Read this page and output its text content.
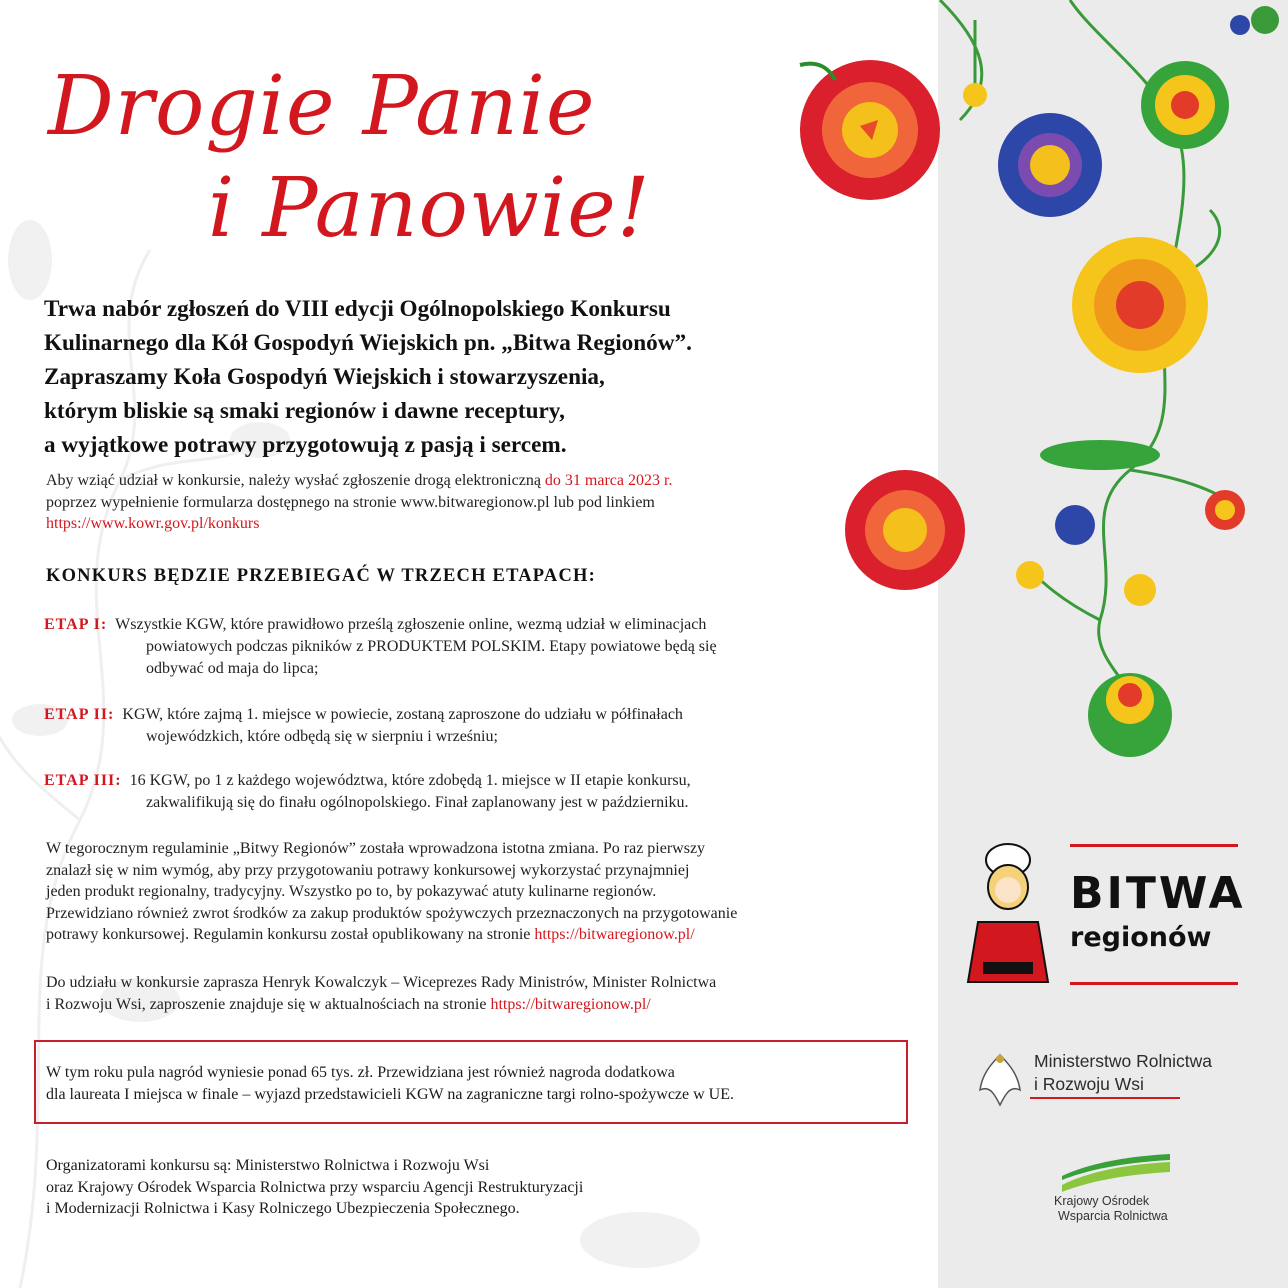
Drogie Panie
i Panowie!
Trwa nabór zgłoszeń do VIII edycji Ogólnopolskiego Konkursu
Kulinarnego dla Kół Gospodyń Wiejskich pn. „Bitwa Regionów”.
Zapraszamy Koła Gospodyń Wiejskich i stowarzyszenia,
którym bliskie są smaki regionów i dawne receptury,
a wyjątkowe potrawy przygotowują z pasją i sercem.
Aby wziąć udział w konkursie, należy wysłać zgłoszenie drogą elektroniczną do 31 marca 2023 r.
poprzez wypełnienie formularza dostępnego na stronie www.bitwaregionow.pl lub pod linkiem
https://www.kowr.gov.pl/konkurs
KONKURS BĘDZIE PRZEBIEGAĆ W TRZECH ETAPACH:
ETAP I: Wszystkie KGW, które prawidłowo prześlą zgłoszenie online, wezmą udział w eliminacjach
powiatowych podczas pikników z PRODUKTEM POLSKIM. Etapy powiatowe będą się
odbywać od maja do lipca;
ETAP II: KGW, które zajmą 1. miejsce w powiecie, zostaną zaproszone do udziału w półfinałach
wojewódzkich, które odbędą się w sierpniu i wrześniu;
ETAP III: 16 KGW, po 1 z każdego województwa, które zdobędą 1. miejsce w II etapie konkursu,
zakwalifikują się do finału ogólnopolskiego. Finał zaplanowany jest w październiku.
W tegorocznym regulaminie „Bitwy Regionów” została wprowadzona istotna zmiana. Po raz pierwszy
znalazł się w nim wymóg, aby przy przygotowaniu potrawy konkursowej wykorzystać przynajmniej
jeden produkt regionalny, tradycyjny. Wszystko po to, by pokazywać atuty kulinarne regionów.
Przewidziano również zwrot środków za zakup produktów spożywczych przeznaczonych na przygotowanie
potrawy konkursowej. Regulamin konkursu został opublikowany na stronie https://bitwaregionow.pl/
Do udziału w konkursie zaprasza Henryk Kowalczyk – Wiceprezes Rady Ministrów, Minister Rolnictwa
i Rozwoju Wsi, zaproszenie znajduje się w aktualnościach na stronie https://bitwaregionow.pl/
W tym roku pula nagród wyniesie ponad 65 tys. zł. Przewidziana jest również nagroda dodatkowa
dla laureata I miejsca w finale – wyjazd przedstawicieli KGW na zagraniczne targi rolno-spożywcze w UE.
Organizatorami konkursu są: Ministerstwo Rolnictwa i Rozwoju Wsi
oraz Krajowy Ośrodek Wsparcia Rolnictwa przy wsparciu Agencji Restrukturyzacji
i Modernizacji Rolnictwa i Kasy Rolniczego Ubezpieczenia Społecznego.
BITWA
regionów
Ministerstwo Rolnictwa
i Rozwoju Wsi
Krajowy Ośrodek
Wsparcia Rolnictwa
